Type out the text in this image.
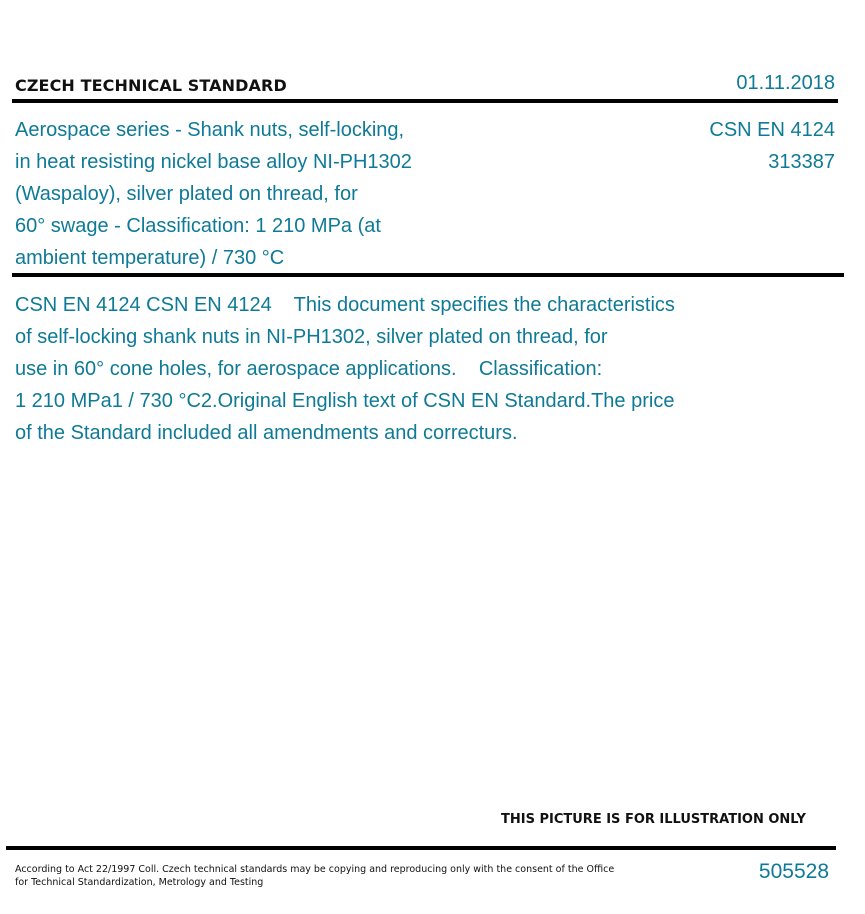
CZECH TECHNICAL STANDARD	01.11.2018
Aerospace series - Shank nuts, self-locking,
in heat resisting nickel base alloy NI-PH1302
(Waspaloy), silver plated on thread, for
60° swage - Classification: 1 210 MPa (at
ambient temperature) / 730 °C
CSN EN 4124
313387
CSN EN 4124 CSN EN 4124    This document specifies the characteristics
of self-locking shank nuts in NI-PH1302, silver plated on thread, for
use in 60° cone holes, for aerospace applications.    Classification:
1 210 MPa1 / 730 °C2.Original English text of CSN EN Standard.The price
of the Standard included all amendments and correcturs.
THIS PICTURE IS FOR ILLUSTRATION ONLY
According to Act 22/1997 Coll. Czech technical standards may be copying and reproducing only with the consent of the Office
for Technical Standardization, Metrology and Testing	505528
